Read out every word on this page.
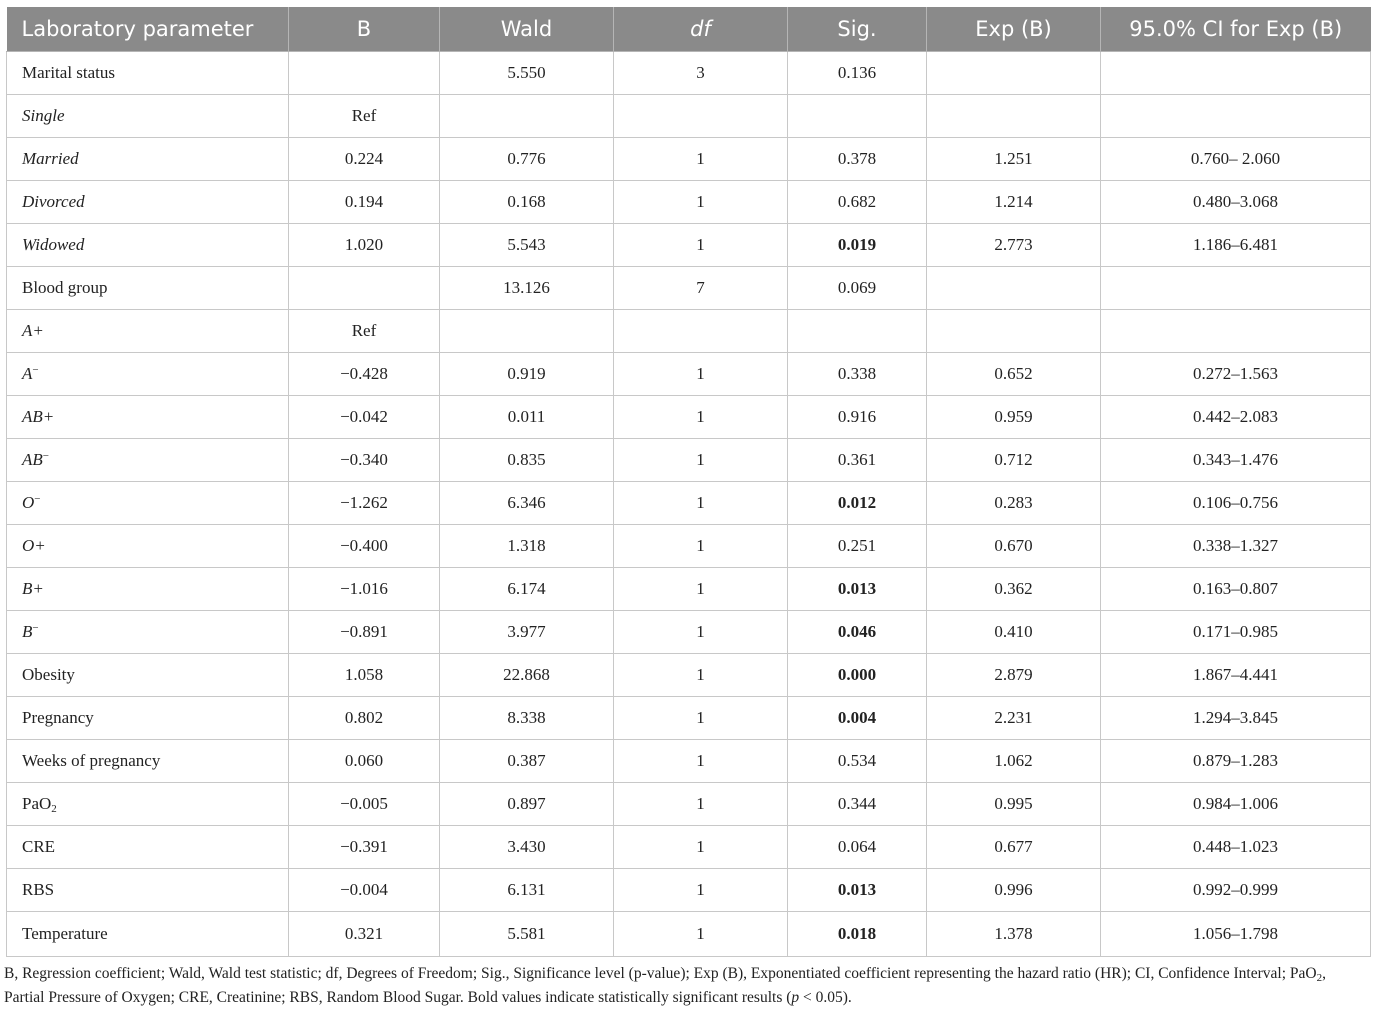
Laboratory parameter	B	Wald	df	Sig.	Exp (B)	95.0% CI for Exp (B)
Marital status		5.550	3	0.136		
Single	Ref					
Married	0.224	0.776	1	0.378	1.251	0.760– 2.060
Divorced	0.194	0.168	1	0.682	1.214	0.480–3.068
Widowed	1.020	5.543	1	0.019	2.773	1.186–6.481
Blood group		13.126	7	0.069		
A+	Ref					
A−	−0.428	0.919	1	0.338	0.652	0.272–1.563
AB+	−0.042	0.011	1	0.916	0.959	0.442–2.083
AB−	−0.340	0.835	1	0.361	0.712	0.343–1.476
O−	−1.262	6.346	1	0.012	0.283	0.106–0.756
O+	−0.400	1.318	1	0.251	0.670	0.338–1.327
B+	−1.016	6.174	1	0.013	0.362	0.163–0.807
B−	−0.891	3.977	1	0.046	0.410	0.171–0.985
Obesity	1.058	22.868	1	0.000	2.879	1.867–4.441
Pregnancy	0.802	8.338	1	0.004	2.231	1.294–3.845
Weeks of pregnancy	0.060	0.387	1	0.534	1.062	0.879–1.283
PaO$_2$	−0.005	0.897	1	0.344	0.995	0.984–1.006
CRE	−0.391	3.430	1	0.064	0.677	0.448–1.023
RBS	−0.004	6.131	1	0.013	0.996	0.992–0.999
Temperature	0.321	5.581	1	0.018	1.378	1.056–1.798
B, Regression coefficient; Wald, Wald test statistic; df, Degrees of Freedom; Sig., Significance level (p-value); Exp (B), Exponentiated coefficient representing the hazard ratio (HR); CI, Confidence Interval; PaO$_2$, Partial Pressure of Oxygen; CRE, Creatinine; RBS, Random Blood Sugar. Bold values indicate statistically significant results (p < 0.05).
